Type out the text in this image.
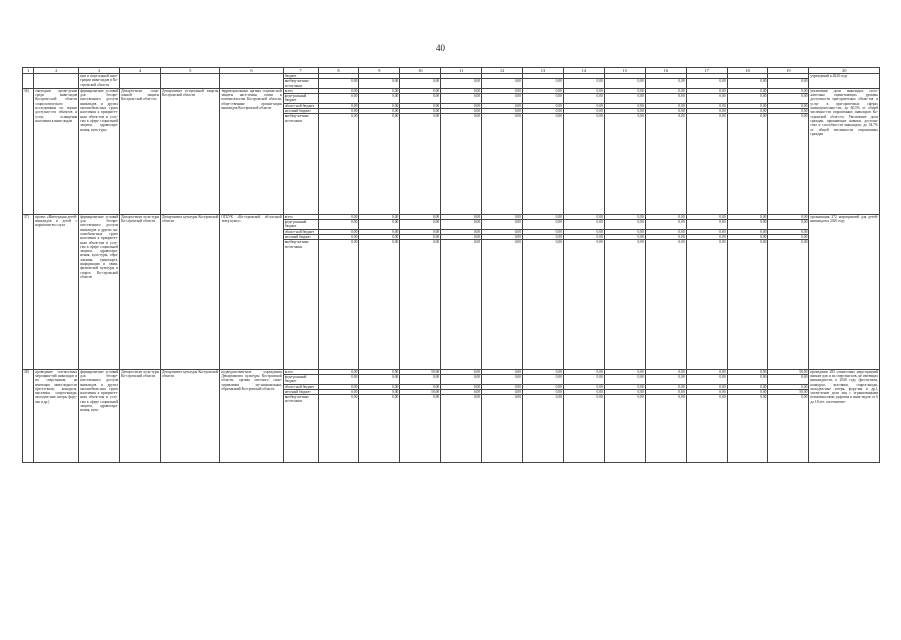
40
1	2	3	4	5	6	7	8	9	10	11	12	13	14	15	16	17	18	19	20
		ции и соци-альной инте-грации инва-лидов в Ко-стромской области				бюджет													учреждений к 2020 году
						внебюд-жетные источ-ники	0,00	0,00	0,00	0,00	0,00	0,00	0,00	0,00	0,00	0,00	0,00	0,00	
36)	ежегодное прове-дение среди инва-лидов Костром-ской области социологического исследования по оценке доступно-сти объектов и услуг, оснащения населения к инва-лидам	формирова-ние условий для беспре-пятственного доступа инвалидов и других маломобиль-ных групп населения к приоритет-ным объек-там и услу-гам в сфере социальной защиты, здравоохра-нения, куль-туры	Департа-мент соци-альной защиты Костром-ской обла-сти	Департамент со-циальной защиты Костромской области	территориальные органы социаль-ной защиты насе-ления, опеки и попечительства Костромской области, обще-ственные органи-зации инвалидов Костромской области	всего	0,00	0,00	0,00	0,00	0,00	0,00	0,00	0,00	0,00	0,00	0,00	0,00	увеличение доли инвалидов, поло-жительно оцени-вающих уровень доступности при-оритетных объек-тов и услуг в при-оритетных сферах жизнедеятельно-сти, до 60,5% от общей численно-сти опрошенных инвалидов Ко-стромской обла-сти. Увеличение доли граждан, признающих навыки, достоин-ства и способно-сти инвалидов, до 54,7% от общей численности опрошенных граждан
						феде-ральный бюджет	0,00	0,00	0,00	0,00	0,00	0,00	0,00	0,00	0,00	0,00	0,00	0,00	
						област-ной бюджет	0,00	0,00	0,00	0,00	0,00	0,00	0,00	0,00	0,00	0,00	0,00	0,00	
						местный бюджет	0,00	0,00	0,00	0,00	0,00	0,00	0,00	0,00	0,00	0,00	0,00	0,00	
						внебюд-жетные источ-ники	0,00	0,00	0,00	0,00	0,00	0,00	0,00	0,00	0,00	0,00	0,00	0,00	
37)	проект «Интеграция детей-инвалидов и детей с нарушени-ем слуха	формирова-ние условий для беспре-пятственного доступа инвалидов и других ма-ломобиль-ных групп населения к приоритет-ным объек-там и услу-гам в сфере социальной защиты, здравоохра-нения, куль-туры, обра-зования, транспорта, информации и связи, физической культуры и спорта Ко-стромской области	Департа-мент куль-туры Ко-стромской области	Департамент культуры Костромской области	ОГБУК «Ко-стромской об-ластной театр кукол»	всего	0,00	0,00	0,00	0,00	0,00	0,00	0,00	0,00	0,00	0,00	0,00	0,00	организация 372 мероприятий для детей-инвалидов к 2020 году
						феде-ральный бюджет	0,00	0,00	0,00	0,00	0,00	0,00	0,00	0,00	0,00	0,00	0,00	0,00	
						област-ной бюджет	0,00	0,00	0,00	0,00	0,00	0,00	0,00	0,00	0,00	0,00	0,00	0,00	
						местный бюджет	0,00	0,00	0,00	0,00	0,00	0,00	0,00	0,00	0,00	0,00	0,00	0,00	
						внебюд-жетные источ-ники	0,00	0,00	0,00	0,00	0,00	0,00	0,00	0,00	0,00	0,00	0,00	0,00	
38)	проведение сов-местных мероприя-тий инвалидов и их сверстников, не имеющих инва-лидности (фести-вали, конкурсы, выставки, спарта-киады, молодеж-ные лагеря, фору-мы и др.)	формирова-ние условий для беспре-пятственного доступа инвалидов и других маломобиль-ных групп населения к приоритет-ным объек-там и услу-гам в сфере социальной защиты, здравоохра-нения, куль-	Департа-мент куль-туры Ко-стромской области	Департамент культуры Костромской области	подведомствен-ные учреждения Департамента культуры Костромской области, органы местного само-управления му-ниципальных образований Костромской области	всего	0,00	0,00	50,00	0,00	0,00	0,00	0,00	0,00	0,00	0,00	0,00	50,00	проведение 285 совместных меро-приятий инвали-дов и их сверстни-ков, не имеющих инвалидности, к 2020 году (фести-вали, конкурсы, выставки, спарта-киады, молодеж-ные лагеря, фору-мы и др.), увели-чение доли лиц с ограниченными возможностями здоровья и инва-лидов от 6 до 18 лет, систематиче-
						феде-ральный бюджет	0,00	0,00	0,00	0,00	0,00	0,00	0,00	0,00	0,00	0,00	0,00	0,00	
						област-ной бюджет	0,00	0,00	0,00	0,00	0,00	0,00	0,00	0,00	0,00	0,00	0,00	0,00	
						местный бюджет	0,00	0,00	50,00	0,00	0,00	0,00	0,00	0,00	0,00	0,00	0,00	50,00	
						внебюд-жетные источ-ники	0,00	0,00	0,00	0,00	0,00	0,00	0,00	0,00	0,00	0,00	0,00	0,00	
